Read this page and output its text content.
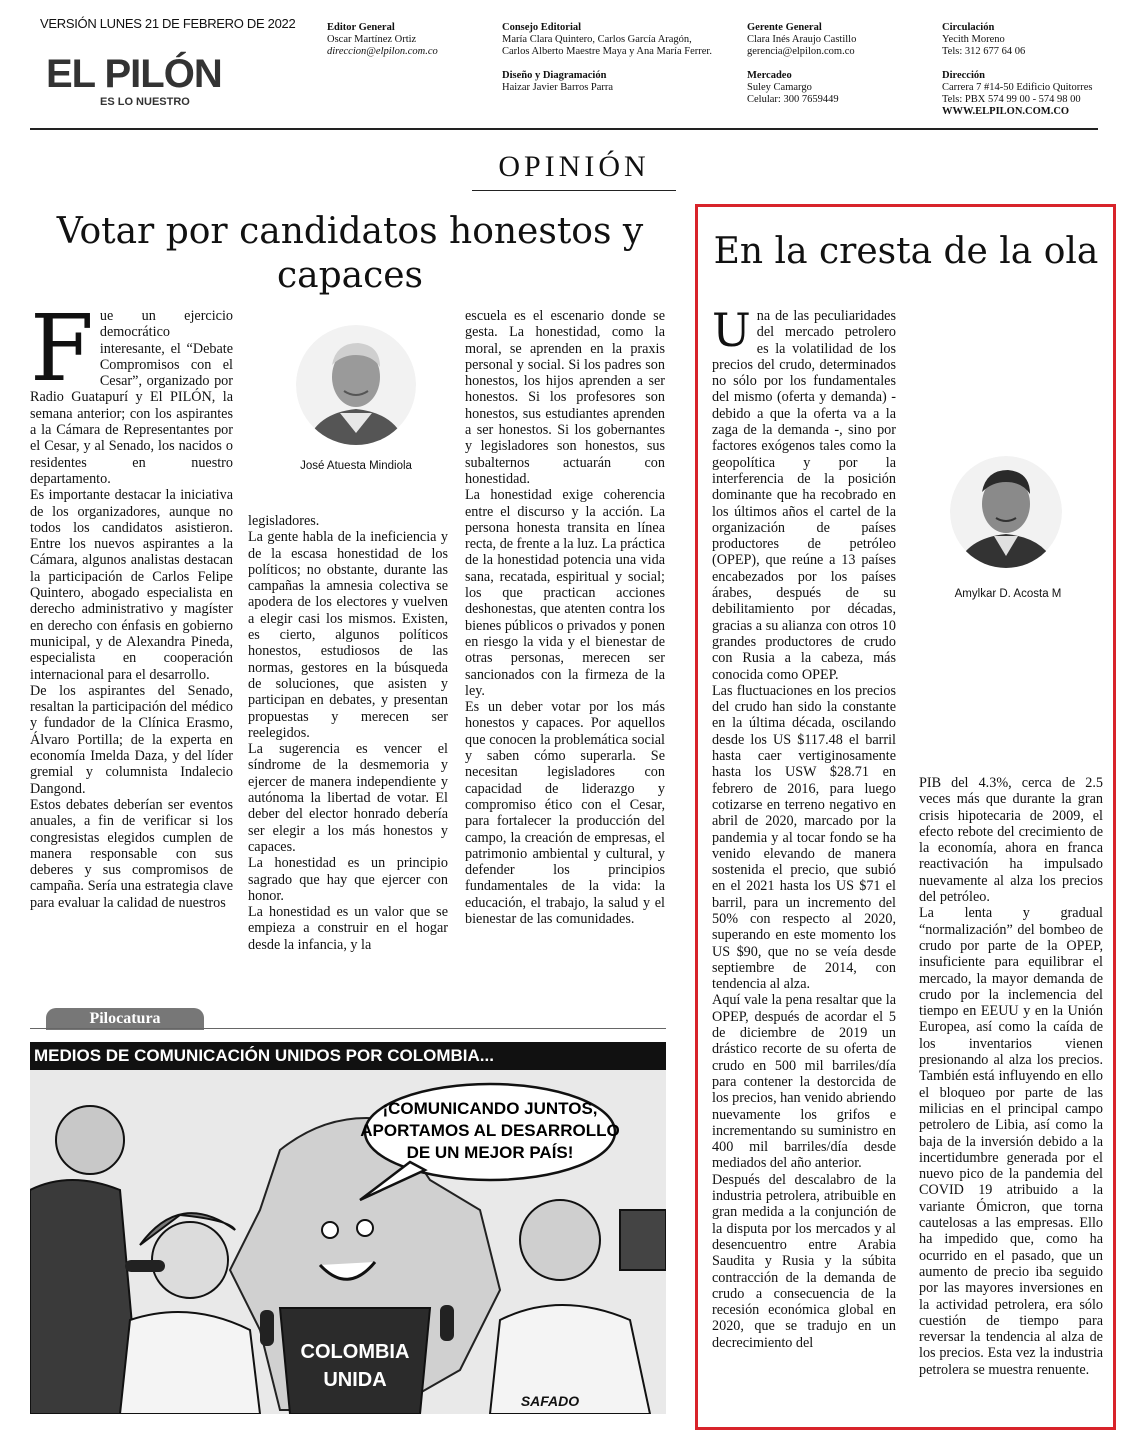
VERSIÓN LUNES 21 DE FEBRERO DE 2022
EL PILÓN
ES LO NUESTRO
Editor General
Oscar Martínez Ortiz
direccion@elpilon.com.co
Consejo Editorial
María Clara Quintero, Carlos García Aragón, Carlos Alberto Maestre Maya y Ana María Ferrer.
Diseño y Diagramación
Haizar Javier Barros Parra
Gerente General
Clara Inés Araujo Castillo
gerencia@elpilon.com.co
Mercadeo
Suley Camargo
Celular: 300 7659449
Circulación
Yecith Moreno
Tels: 312 677 64 06
Dirección
Carrera 7 #14-50 Edificio Quitorres
Tels: PBX 574 99 00 - 574 98 00
WWW.ELPILON.COM.CO
OPINIÓN
Votar por candidatos honestos y capaces
F ue un ejercicio democrático interesante, el “Debate Compromisos con el Cesar”, organizado por Radio Guatapurí y El PILÓN, la semana anterior; con los aspirantes a la Cámara de Representantes por el Cesar, y al Senado, los nacidos o residentes en nuestro departamento.

Es importante destacar la iniciativa de los organizadores, aunque no todos los candidatos asistieron. Entre los nuevos aspirantes a la Cámara, algunos analistas destacan la participación de Carlos Felipe Quintero, abogado especialista en derecho administrativo y magíster en derecho con énfasis en gobierno municipal, y de Alexandra Pineda, especialista en cooperación internacional para el desarrollo.

De los aspirantes del Senado, resaltan la participación del médico y fundador de la Clínica Erasmo, Álvaro Portilla; de la experta en economía Imelda Daza, y del líder gremial y columnista Indalecio Dangond.

Estos debates deberían ser eventos anuales, a fin de verificar si los congresistas elegidos cumplen de manera responsable con sus deberes y sus compromisos de campaña. Sería una estrategia clave para evaluar la calidad de nuestros

José Atuesta Mindiola

legisladores.

La gente habla de la ineficiencia y de la escasa honestidad de los políticos; no obstante, durante las campañas la amnesia colectiva se apodera de los electores y vuelven a elegir casi los mismos. Existen, es cierto, algunos políticos honestos, estudiosos de las normas, gestores en la búsqueda de soluciones, que asisten y participan en debates, y presentan propuestas y merecen ser reelegidos.

La sugerencia es vencer el síndrome de la desmemoria y ejercer de manera independiente y autónoma la libertad de votar. El deber del elector honrado debería ser elegir a los más honestos y capaces.

La honestidad es un principio sagrado que hay que ejercer con honor.

La honestidad es un valor que se empieza a construir en el hogar desde la infancia, y la

escuela es el escenario donde se gesta. La honestidad, como la moral, se aprenden en la praxis personal y social. Si los padres son honestos, los hijos aprenden a ser honestos. Si los profesores son honestos, sus estudiantes aprenden a ser honestos. Si los gobernantes y legisladores son honestos, sus subalternos actuarán con honestidad.

La honestidad exige coherencia entre el discurso y la acción. La persona honesta transita en línea recta, de frente a la luz. La práctica de la honestidad potencia una vida sana, recatada, espiritual y social; los que practican acciones deshonestas, que atenten contra los bienes públicos o privados y ponen en riesgo la vida y el bienestar de otras personas, merecen ser sancionados con la firmeza de la ley.

Es un deber votar por los más honestos y capaces. Por aquellos que conocen la problemática social y saben cómo superarla. Se necesitan legisladores con capacidad de liderazgo y compromiso ético con el Cesar, para fortalecer la producción del campo, la creación de empresas, el patrimonio ambiental y cultural, y defender los principios fundamentales de la vida: la educación, el trabajo, la salud y el bienestar de las comunidades.

Pilocatura
MEDIOS DE COMUNICACIÓN UNIDOS POR COLOMBIA...
¡COMUNICANDO JUNTOS,
APORTAMOS AL DESARROLLO
DE UN MEJOR PAÍS!
COLOMBIA
UNIDA
SAFADO
En la cresta de la ola
U na de las peculiaridades del mercado petrolero es la volatilidad de los precios del crudo, determinados no sólo por los fundamentales del mismo (oferta y demanda) - debido a que la oferta va a la zaga de la demanda -, sino por factores exógenos tales como la geopolítica y por la interferencia de la posición dominante que ha recobrado en los últimos años el cartel de la organización de países productores de petróleo (OPEP), que reúne a 13 países encabezados por los países árabes, después de su debilitamiento por décadas, gracias a su alianza con otros 10 grandes productores de crudo con Rusia a la cabeza, más conocida como OPEP.

Las fluctuaciones en los precios del crudo han sido la constante en la última década, oscilando desde los US $117.48 el barril hasta caer vertiginosamente hasta los USW $28.71 en febrero de 2016, para luego cotizarse en terreno negativo en abril de 2020, marcado por la pandemia y al tocar fondo se ha venido elevando de manera sostenida el precio, que subió en el 2021 hasta los US $71 el barril, para un incremento del 50% con respecto al 2020, superando en este momento los US $90, que no se veía desde septiembre de 2014, con tendencia al alza.

Aquí vale la pena resaltar que la OPEP, después de acordar el 5 de diciembre de 2019 un drástico recorte de su oferta de crudo en 500 mil barriles/día para contener la destorcida de los precios, han venido abriendo nuevamente los grifos e incrementando su suministro en 400 mil barriles/día desde mediados del año anterior.

Después del descalabro de la industria petrolera, atribuible en gran medida a la conjunción de la disputa por los mercados y al desencuentro entre Arabia Saudita y Rusia y la súbita contracción de la demanda de crudo a consecuencia de la recesión económica global en 2020, que se tradujo en un decrecimiento del

Amylkar D. Acosta M

PIB del 4.3%, cerca de 2.5 veces más que durante la gran crisis hipotecaria de 2009, el efecto rebote del crecimiento de la economía, ahora en franca reactivación ha impulsado nuevamente al alza los precios del petróleo.

La lenta y gradual “normalización” del bombeo de crudo por parte de la OPEP, insuficiente para equilibrar el mercado, la mayor demanda de crudo por la inclemencia del tiempo en EEUU y en la Unión Europea, así como la caída de los inventarios vienen presionando al alza los precios. También está influyendo en ello el bloqueo por parte de las milicias en el principal campo petrolero de Libia, así como la baja de la inversión debido a la incertidumbre generada por el nuevo pico de la pandemia del COVID 19 atribuido a la variante Ómicron, que torna cautelosas a las empresas. Ello ha impedido que, como ha ocurrido en el pasado, que un aumento de precio iba seguido por las mayores inversiones en la actividad petrolera, era sólo cuestión de tiempo para reversar la tendencia al alza de los precios. Esta vez la industria petrolera se muestra renuente.
